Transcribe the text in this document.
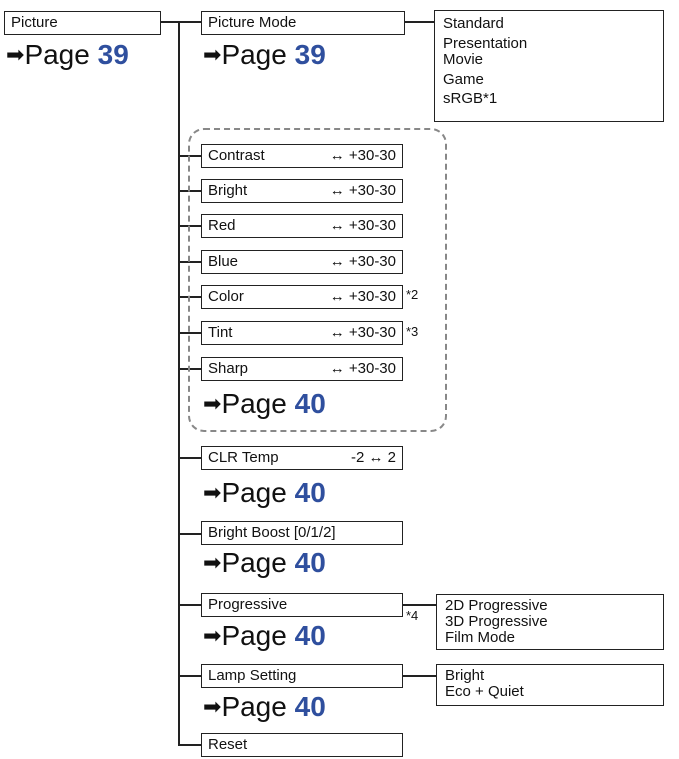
Picture
➡Page 39
Picture Mode
➡Page 39
Standard
Presentation
Movie
Game
sRGB*1
Contrast	↔ +30-30
Bright	↔ +30-30
Red	↔ +30-30
Blue	↔ +30-30
Color	↔ +30-30
Tint	↔ +30-30
Sharp	↔ +30-30
*2
*3
➡Page 40
CLR Temp	-2 ↔ 2
➡Page 40
Bright Boost [0/1/2]
➡Page 40
Progressive
*4
➡Page 40
2D Progressive
3D Progressive
Film Mode
Lamp Setting
➡Page 40
Bright
Eco + Quiet
Reset
